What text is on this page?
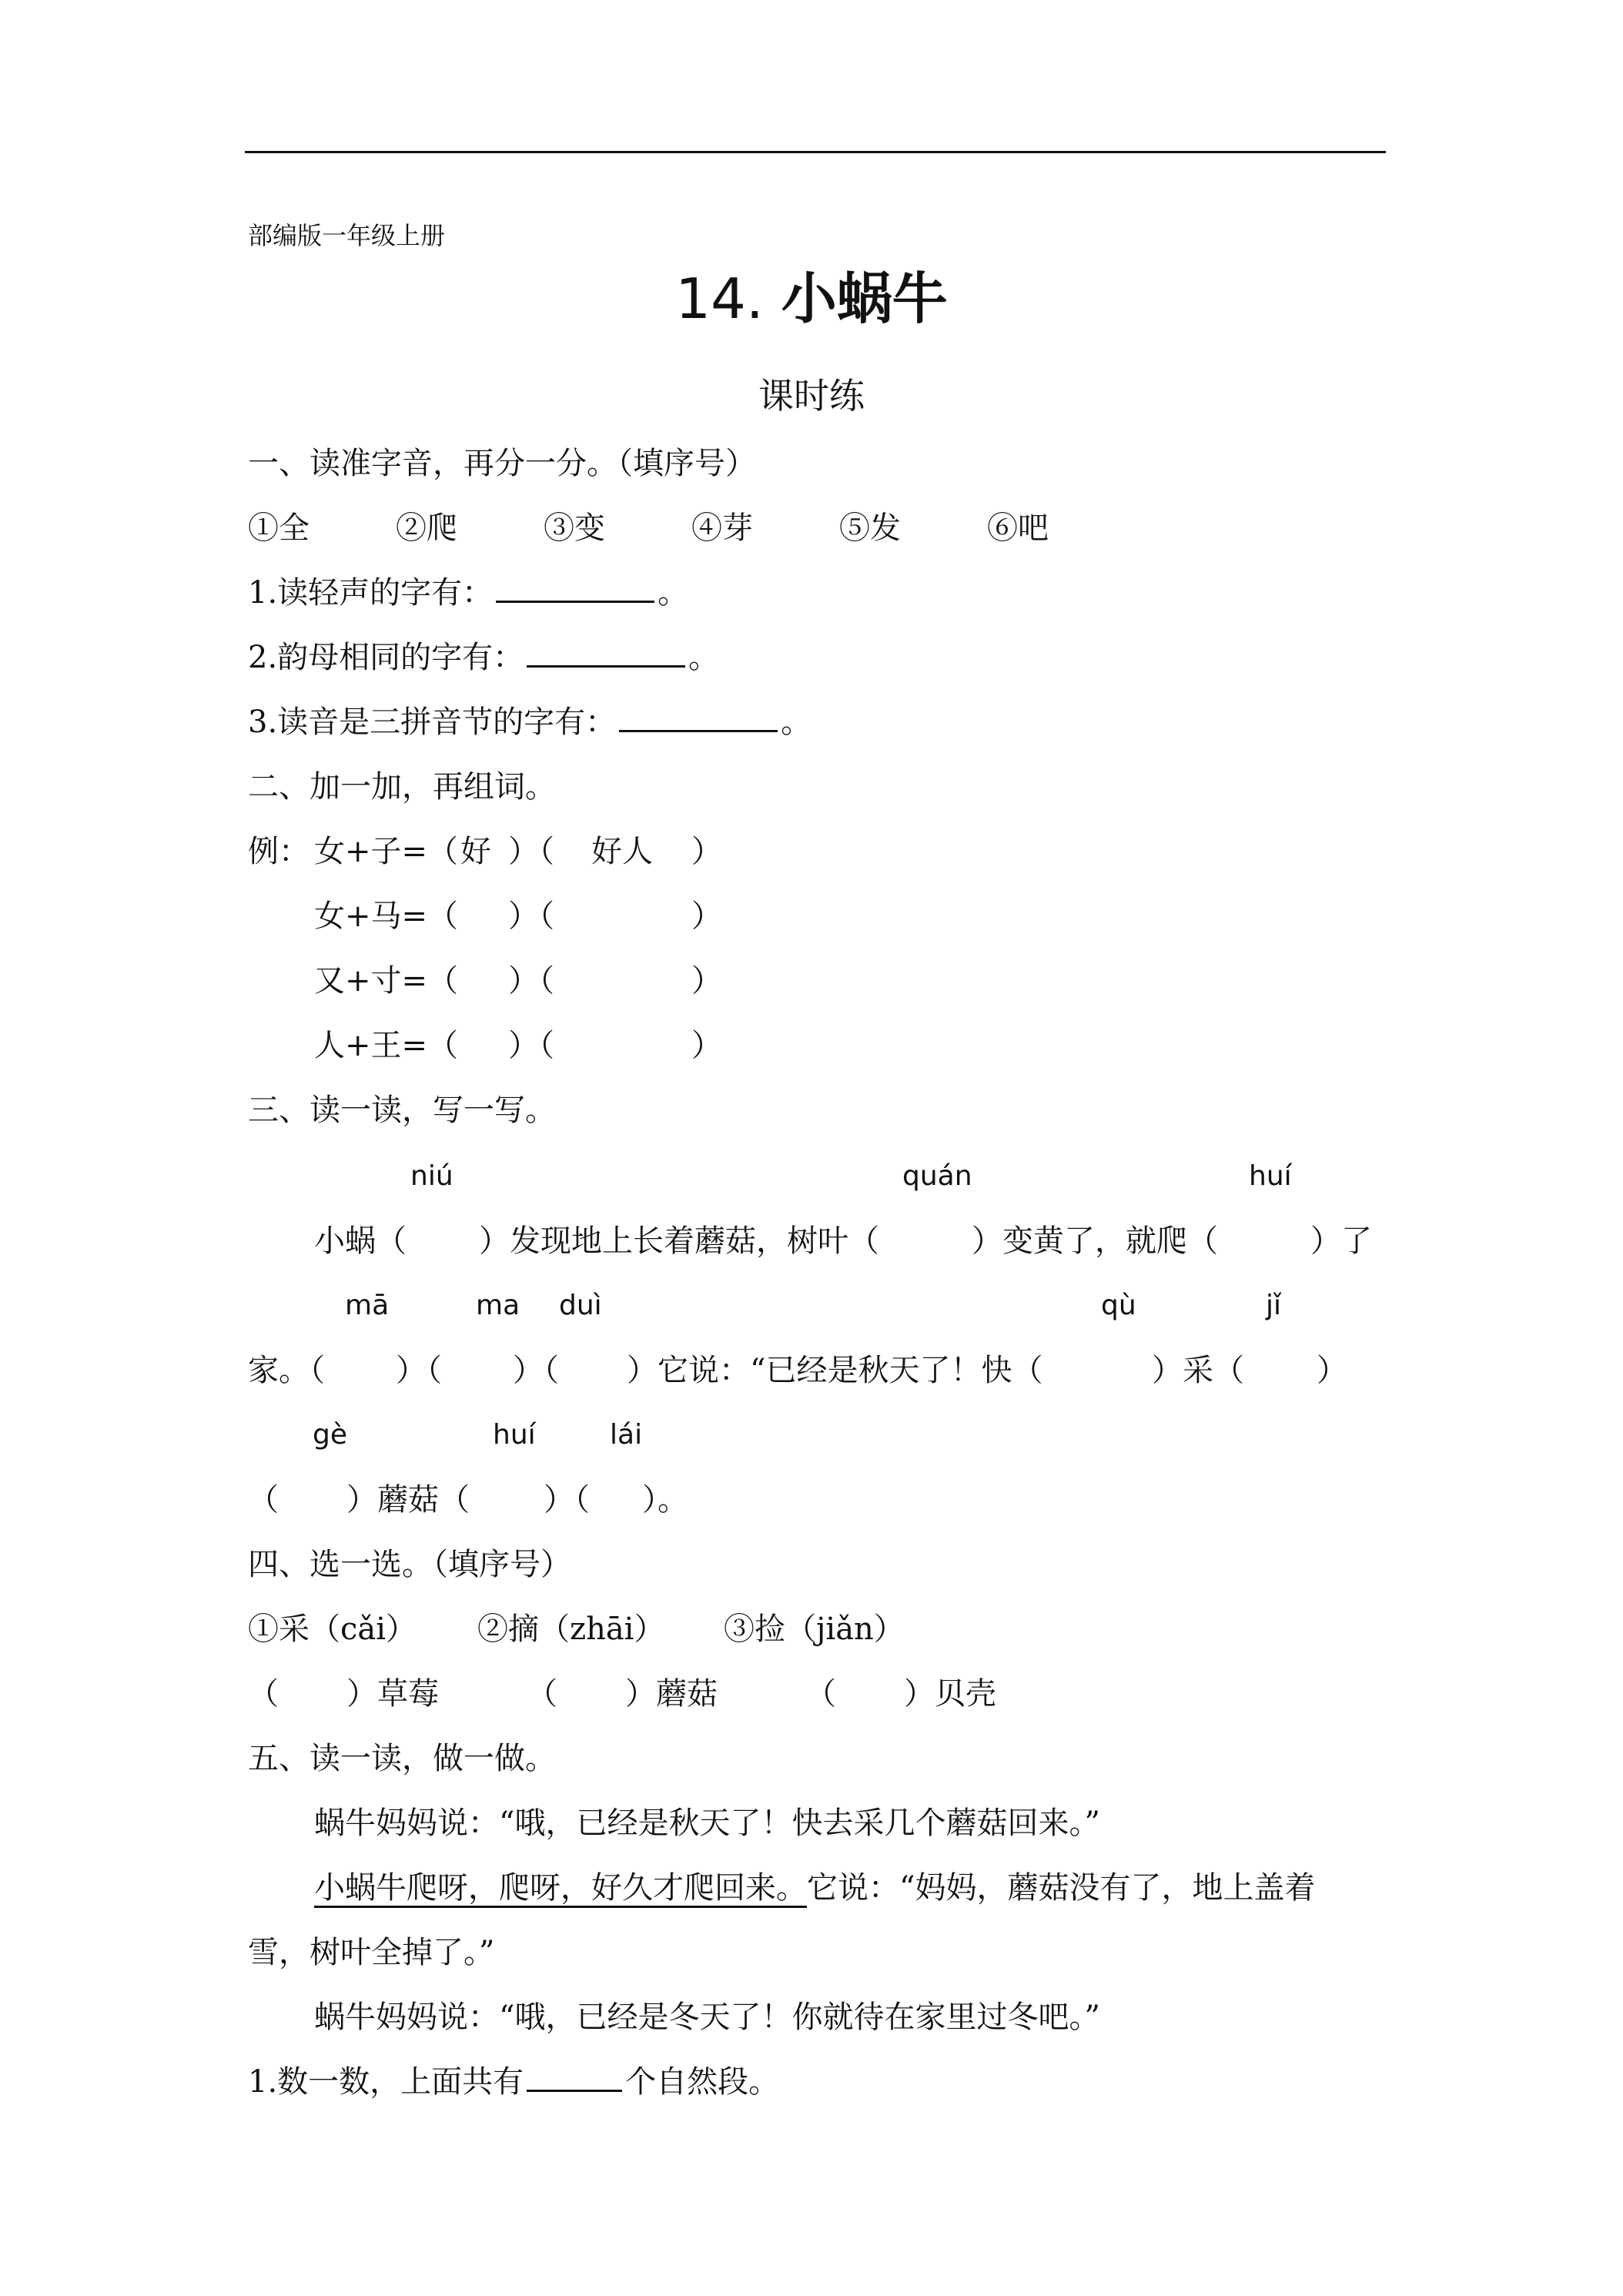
部编版一年级上册
14. 小蜗牛
课时练
一、读准字音，再分一分。（填序号）
①全	②爬	③变	④芽	⑤发	⑥吧
1.读轻声的字有：	。
2.韵母相同的字有：	。
3.读音是三拼音节的字有：	。
二、加一加，再组词。
例： 女+子=（ 好 ）（ 好人 ）
女+马=（ ）（	）
又+寸=（ ）（	）
人+王=（ ）（	）
三、读一读，写一写。
niú	quán	huí
小蜗（ ）发现地上长着蘑菇，树叶（	）变黄了，就爬（	）了
mā	ma duì	qù	jǐ
家。（ ）（ ）（ ）它说：“已经是秋天了！快（	）采（ ）
gè	huí	lái
（ ）蘑菇（ ）（ ）。
四、选一选。（填序号）
①采（cǎi） ②摘（zhāi） ③捡（jiǎn）
（ ）草莓	（ ）蘑菇	（ ）贝壳
五、读一读，做一做。
蜗牛妈妈说：“哦，已经是秋天了！快去采几个蘑菇回来。”
小蜗牛爬呀，爬呀，好久才爬回来。它说：“妈妈，蘑菇没有了，地上盖着
雪，树叶全掉了。”
蜗牛妈妈说：“哦，已经是冬天了！你就待在家里过冬吧。”
1.数一数，上面共有	个自然段。
